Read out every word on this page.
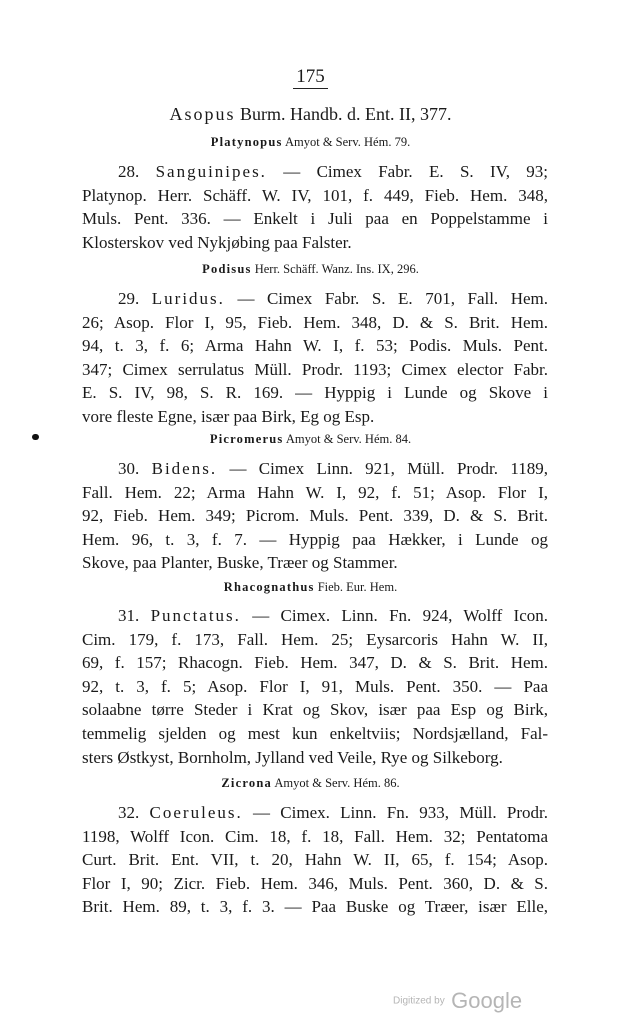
175
Asopus Burm. Handb. d. Ent. II, 377.
Platynopus Amyot & Serv. Hém. 79.
28. Sanguinipes. — Cimex Fabr. E. S. IV, 93;
Platynop. Herr. Schäff. W. IV, 101, f. 449, Fieb. Hem. 348,
Muls. Pent. 336. — Enkelt i Juli paa en Poppelstamme i
Klosterskov ved Nykjøbing paa Falster.
Podisus Herr. Schäff. Wanz. Ins. IX, 296.
29. Luridus. — Cimex Fabr. S. E. 701, Fall. Hem.
26; Asop. Flor I, 95, Fieb. Hem. 348, D. & S. Brit. Hem.
94, t. 3, f. 6; Arma Hahn W. I, f. 53; Podis. Muls. Pent.
347; Cimex serrulatus Müll. Prodr. 1193; Cimex elector Fabr.
E. S. IV, 98, S. R. 169. — Hyppig i Lunde og Skove i
vore fleste Egne, især paa Birk, Eg og Esp.
Picromerus Amyot & Serv. Hém. 84.
30. Bidens. — Cimex Linn. 921, Müll. Prodr. 1189,
Fall. Hem. 22; Arma Hahn W. I, 92, f. 51; Asop. Flor I,
92, Fieb. Hem. 349; Picrom. Muls. Pent. 339, D. & S. Brit.
Hem. 96, t. 3, f. 7. — Hyppig paa Hækker, i Lunde og
Skove, paa Planter, Buske, Træer og Stammer.
Rhacognathus Fieb. Eur. Hem.
31. Punctatus. — Cimex. Linn. Fn. 924, Wolff Icon.
Cim. 179, f. 173, Fall. Hem. 25; Eysarcoris Hahn W. II,
69, f. 157; Rhacogn. Fieb. Hem. 347, D. & S. Brit. Hem.
92, t. 3, f. 5; Asop. Flor I, 91, Muls. Pent. 350. — Paa
solaabne tørre Steder i Krat og Skov, især paa Esp og Birk,
temmelig sjelden og mest kun enkeltviis; Nordsjælland, Fal-
sters Østkyst, Bornholm, Jylland ved Veile, Rye og Silkeborg.
Zicrona Amyot & Serv. Hém. 86.
32. Coeruleus. — Cimex. Linn. Fn. 933, Müll. Prodr.
1198, Wolff Icon. Cim. 18, f. 18, Fall. Hem. 32; Pentatoma
Curt. Brit. Ent. VII, t. 20, Hahn W. II, 65, f. 154; Asop.
Flor I, 90; Zicr. Fieb. Hem. 346, Muls. Pent. 360, D. & S.
Brit. Hem. 89, t. 3, f. 3. — Paa Buske og Træer, især Elle,
Digitized by Google
